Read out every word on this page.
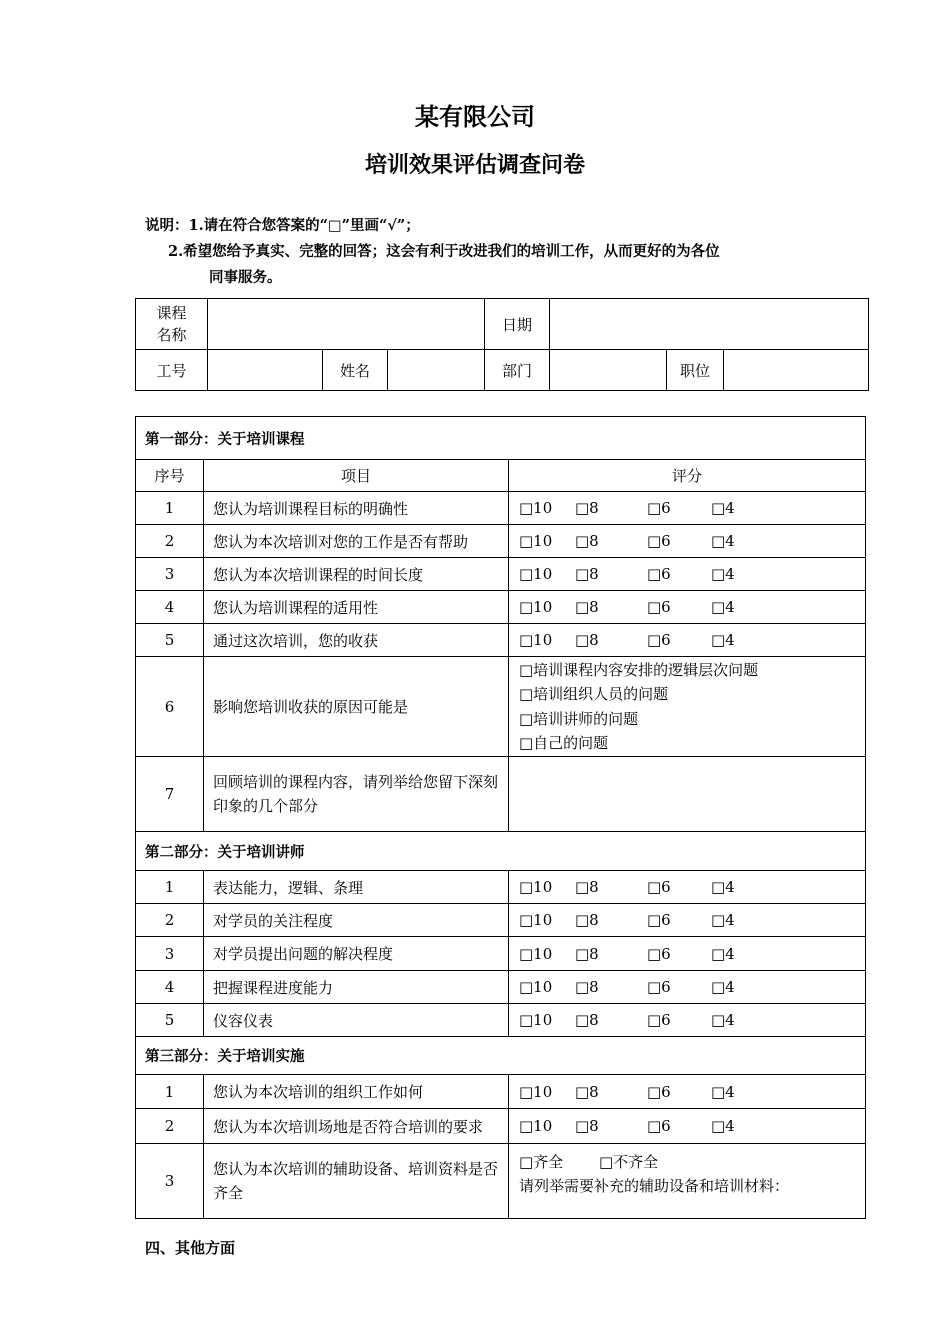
某有限公司
培训效果评估调查问卷
说明：1.请在符合您答案的“□”里画“√”；
2.希望您给予真实、完整的回答；这会有利于改进我们的培训工作，从而更好的为各位
同事服务。
课程名称				日期			
工号		姓名		部门		职位	
第一部分：关于培训课程		
序号	项目	评分
1	您认为培训课程目标的明确性	□10 □8 □6 □4
2	您认为本次培训对您的工作是否有帮助	□10 □8 □6 □4
3	您认为本次培训课程的时间长度	□10 □8 □6 □4
4	您认为培训课程的适用性	□10 □8 □6 □4
5	通过这次培训，您的收获	□10 □8 □6 □4
6	影响您培训收获的原因可能是	□培训课程内容安排的逻辑层次问题
□培训组织人员的问题
□培训讲师的问题
□自己的问题

7	回顾培训的课程内容，请列举给您留下深刻印象的几个部分	
第二部分：关于培训讲师		
1	表达能力，逻辑、条理	□10 □8 □6 □4
2	对学员的关注程度	□10 □8 □6 □4
3	对学员提出问题的解决程度	□10 □8 □6 □4
4	把握课程进度能力	□10 □8 □6 □4
5	仪容仪表	□10 □8 □6 □4
第三部分：关于培训实施		
1	您认为本次培训的组织工作如何	□10 □8 □6 □4
2	您认为本次培训场地是否符合培训的要求	□10 □8 □6 □4
3	您认为本次培训的辅助设备、培训资料是否齐全	□齐全 □不齐全
请列举需要补充的辅助设备和培训材料：
四、其他方面
